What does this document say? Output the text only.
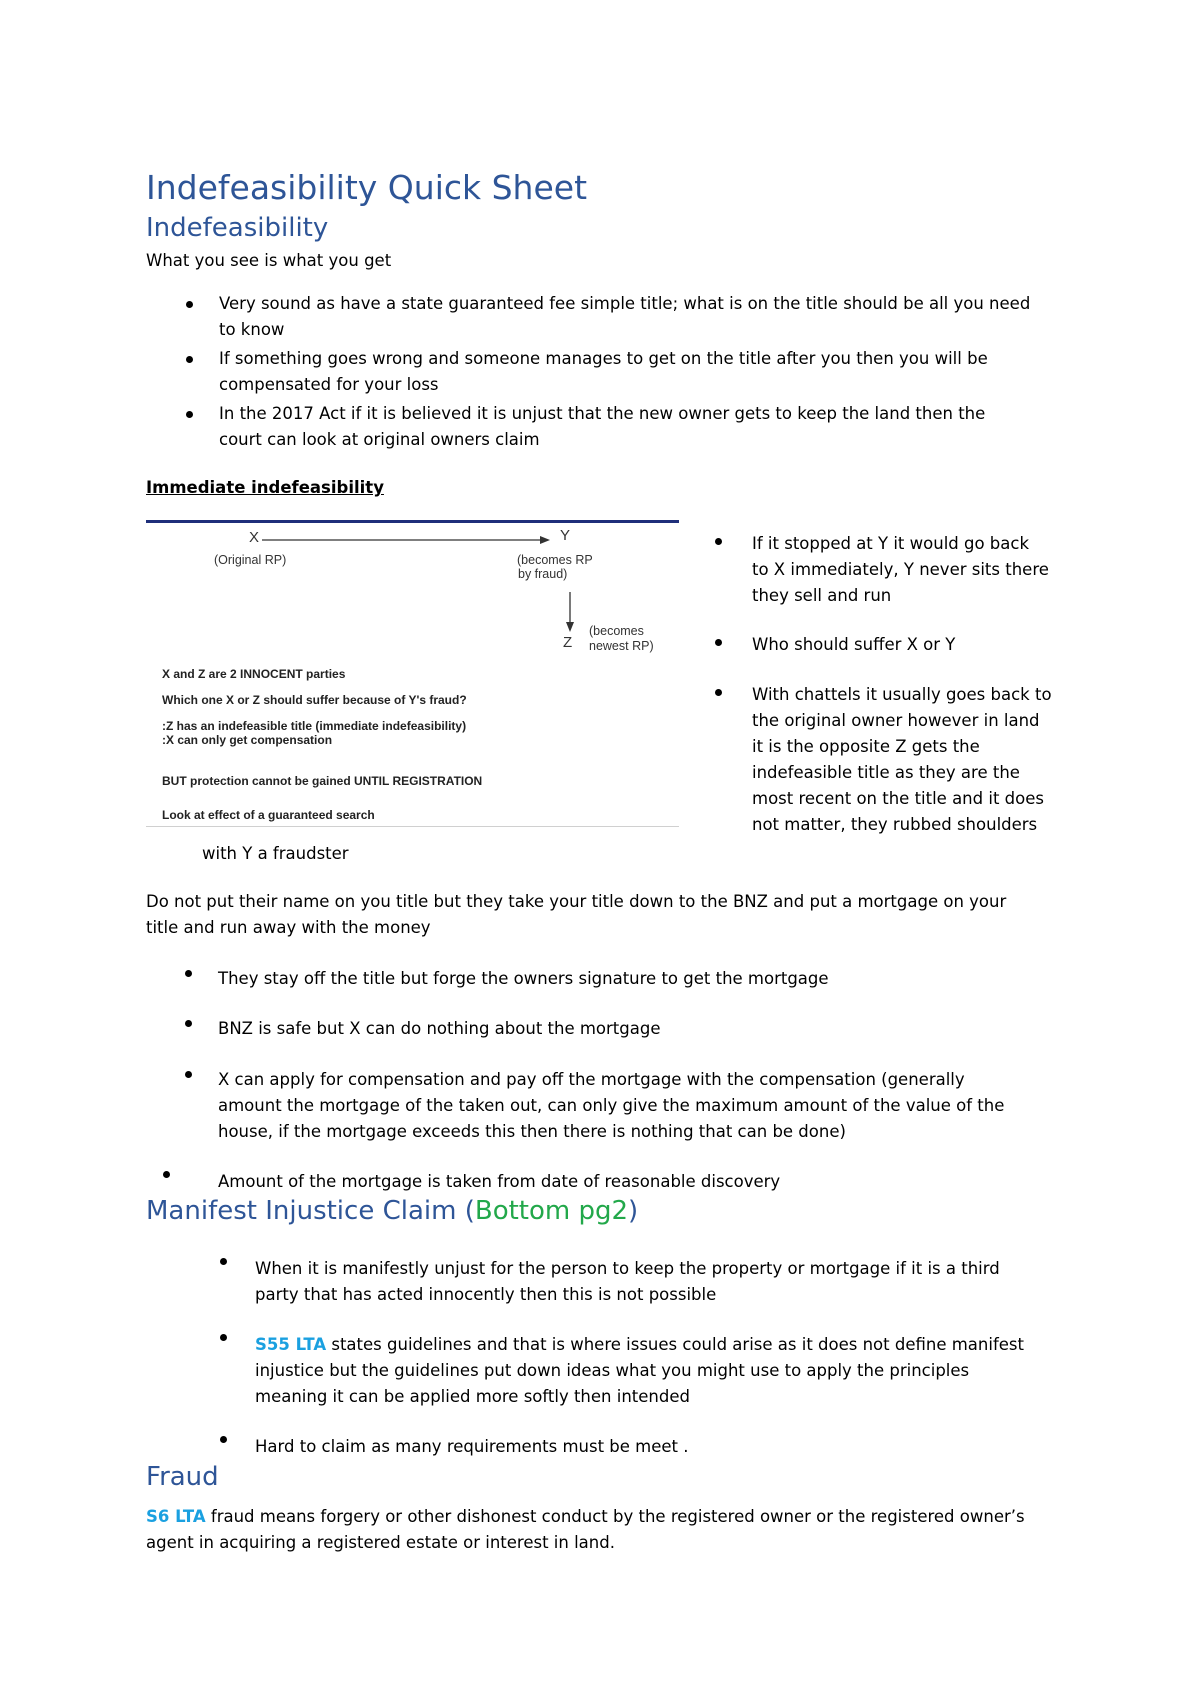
Indefeasibility Quick Sheet
Indefeasibility
What you see is what you get
Very sound as have a state guaranteed fee simple title; what is on the title should be all you need
to know
If something goes wrong and someone manages to get on the title after you then you will be
compensated for your loss
In the 2017 Act if it is believed it is unjust that the new owner gets to keep the land then the
court can look at original owners claim
Immediate indefeasibility
X
(Original RP)
Y
(becomes RP
by fraud)
Z
(becomes
newest RP)
X and Z are 2 INNOCENT parties
Which one X or Z should suffer because of Y's fraud?
:Z has an indefeasible title (immediate indefeasibility)
:X can only get compensation
BUT protection cannot be gained UNTIL REGISTRATION
Look at effect of a guaranteed search
with Y a fraudster
If it stopped at Y it would go back
to X immediately, Y never sits there
they sell and run
Who should suffer X or Y
With chattels it usually goes back to
the original owner however in land
it is the opposite Z gets the
indefeasible title as they are the
most recent on the title and it does
not matter, they rubbed shoulders
Do not put their name on you title but they take your title down to the BNZ and put a mortgage on your
title and run away with the money
They stay off the title but forge the owners signature to get the mortgage
BNZ is safe but X can do nothing about the mortgage
X can apply for compensation and pay off the mortgage with the compensation (generally
amount the mortgage of the taken out, can only give the maximum amount of the value of the
house, if the mortgage exceeds this then there is nothing that can be done)
Amount of the mortgage is taken from date of reasonable discovery
Manifest Injustice Claim (Bottom pg2)
When it is manifestly unjust for the person to keep the property or mortgage if it is a third
party that has acted innocently then this is not possible
S55 LTA states guidelines and that is where issues could arise as it does not define manifest
injustice but the guidelines put down ideas what you might use to apply the principles
meaning it can be applied more softly then intended
Hard to claim as many requirements must be meet .
Fraud
S6 LTA fraud means forgery or other dishonest conduct by the registered owner or the registered owner’s
agent in acquiring a registered estate or interest in land.
